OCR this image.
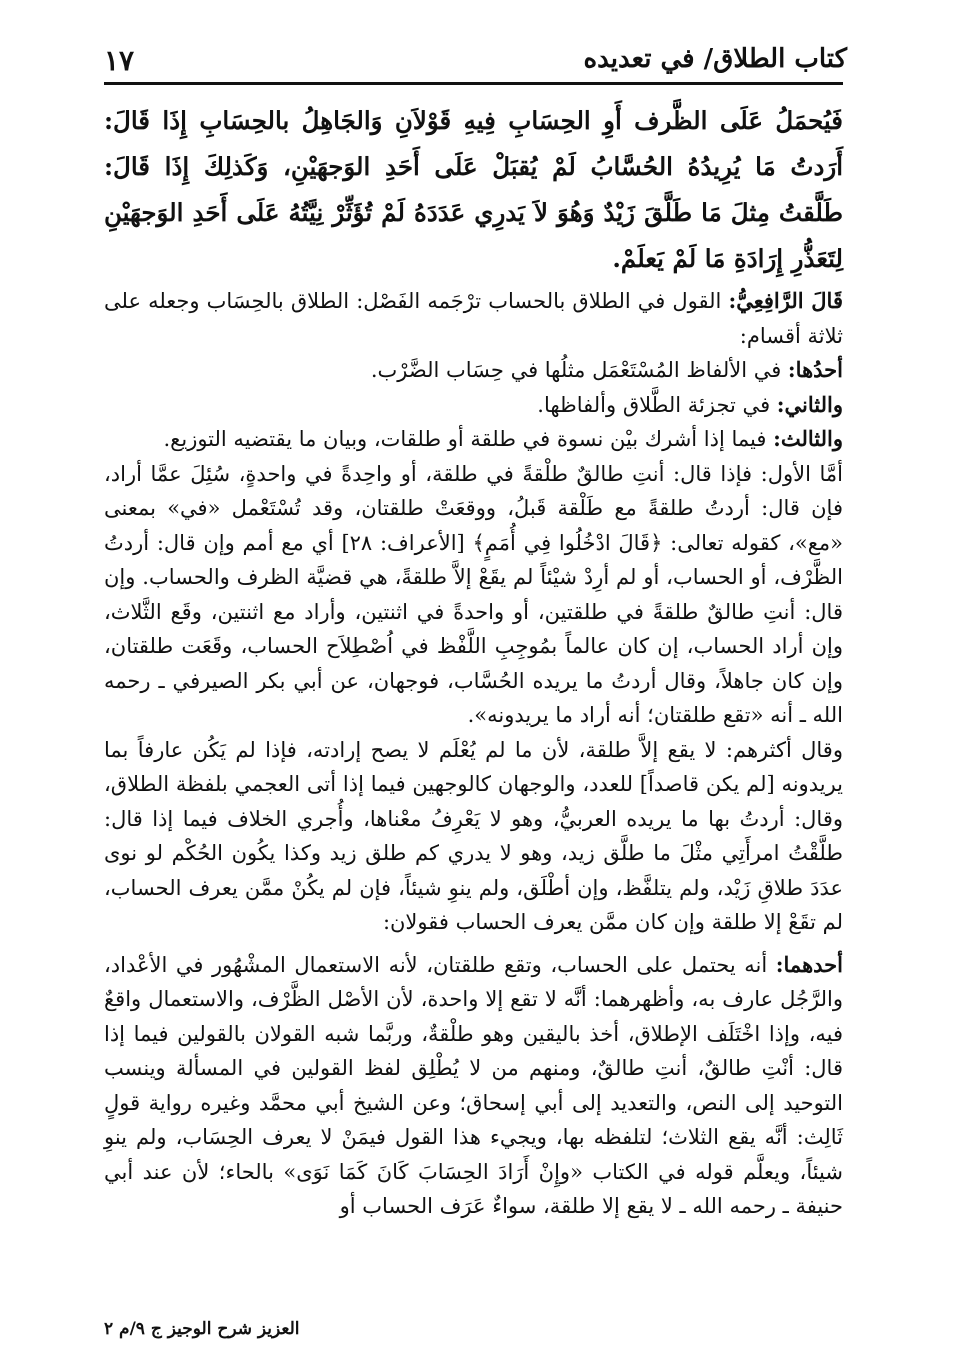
كتاب الطلاق/ في تعديده
١٧

فَيُحمَلُ عَلَى الظَّرف أَوِ الحِسَابِ فِيهِ قَوْلاَنِ وَالجَاهِلُ بالحِسَابِ إِذَا قَالَ: أَرَدتُ مَا يُرِيدُهُ الحُسَّابُ لَمْ يُقبَلْ عَلَى أَحَدِ الوَجهَيْنِ، وَكَذلِكَ إِذَا قَالَ: طَلَّقتُ مِثلَ مَا طَلَّقَ زَيْدٌ وَهُوَ لاَ يَدرِي عَدَدَهُ لَمْ تُؤَثِّرْ نِيَّتُهُ عَلَى أَحَدِ الوَجهَيْنِ لِتَعَذُّرِ إِرَادَةِ مَا لَمْ يَعلَمْ.

قَالَ الرَّافِعِيُّ: القول في الطلاق بالحساب ترْجَمه الفَصْل: الطلاق بالحِسَاب وجعله على ثلاثة أقسام:

أحدُها: في الألفاظ المُسْتَعْمَل مثلُها في حِسَاب الضَّرْب.

والثاني: في تجزئة الطَّلاق وألفاظها.

والثالث: فيما إذا أشرك بيْن نسوة في طلقة أو طلقات، وبيان ما يقتضيه التوزيع.

أمَّا الأول: فإذا قال: أنتِ طالقٌ طلْقةً في طلقة، أو واحِدةً في واحدةٍ، سُئِلَ عمَّا أراد، فإن قال: أردتُ طلقةً مع طَلْقة قَبلُ، ووقعَتْ طلقتان، وقد تُسْتَعْمل «في» بمعنى «مع»، كقوله تعالى: ﴿قَالَ ادْخُلُوا فِي أُمَمٍ﴾ [الأعراف: ٢٨] أي مع أمم وإن قال: أردتُ الظَّرْف، أو الحساب، أو لم أرِدْ شيْئاً لم يقَعْ إلاَّ طلقةً، هي قضيَّة الظرف والحساب. وإن قال: أنتِ طالقٌ طلقةً في طلقتين، أو واحدةً في اثنتين، وأراد مع اثنتين، وقَع الثَّلاث، وإن أراد الحساب، إن كان عالماً بمُوجِبِ اللَّفْظ في اُصْطِلاَح الحساب، وقَعَت طلقتان، وإن كان جاهلاً، وقال أردتُ ما يريده الحُسَّاب، فوجهان، عن أبي بكر الصيرفي ـ رحمه الله ـ أنه «تقع طلقتان؛ أنه أراد ما يريدونه».

وقال أكثرهم: لا يقع إلاَّ طلقة، لأن ما لم يُعْلَم لا يصح إرادته، فإذا لم يَكُن عارفاً بما يريدونه [لم يكن قاصداً] للعدد، والوجهان كالوجهين فيما إذا أتى العجمي بلفظة الطلاق، وقال: أردتُ بها ما يريده العربيُّ، وهو لا يَعْرِفُ معْناها، وأُجري الخلاف فيما إذا قال: طلَّقْتُ امرأَتِي مثْلَ ما طلَّق زيد، وهو لا يدري كم طلق زيد وكذا يكُون الحُكْم لو نوى عدَدَ طلاقِ زَيْد، ولم يتلفَّظ، وإن أطْلَق، ولم ينوِ شيئاً، فإن لم يكُنْ ممَّن يعرف الحساب، لم تقَعْ إلا طلقة وإن كان ممَّن يعرف الحساب فقولان:

أحدهما: أنه يحتمل على الحساب، وتقع طلقتان، لأنه الاستعمال المشْهُور في الأعْداد، والرَّجُل عارف به، وأظهرهما: أنَّه لا تقع إلا واحدة، لأن الأصْل الظَّرْف، والاستعمال واقعٌ فيه، وإذا اخْتَلَف الإطلاق، أخذ باليقين وهو طلْقةٌ، وربَّما شبه القولان بالقولين فيما إذا قال: أنْتِ طالقٌ، أنتِ طالقٌ، ومنهم من لا يُطْلِق لفظ القولين في المسألة وينسب التوحيد إلى النص، والتعديد إلى أبي إسحاق؛ وعن الشيخ أبي محمَّد وغيره رواية قولٍ ثَالِث: أنَّه يقع الثلاث؛ لتلفظه بها، ويجيء هذا القول فيمَنْ لا يعرف الحِسَاب، ولم ينوِ شيئاً، ويعلَّم قوله في الكتاب «وإِنْ أَرَادَ الحِسَابَ كَانَ كَمَا نَوَى» بالحاء؛ لأن عند أبي حنيفة ـ رحمه الله ـ لا يقع إلا طلقة، سواءٌ عَرَف الحساب أو

العزيز شرح الوجيز ج ٩/م ٢
